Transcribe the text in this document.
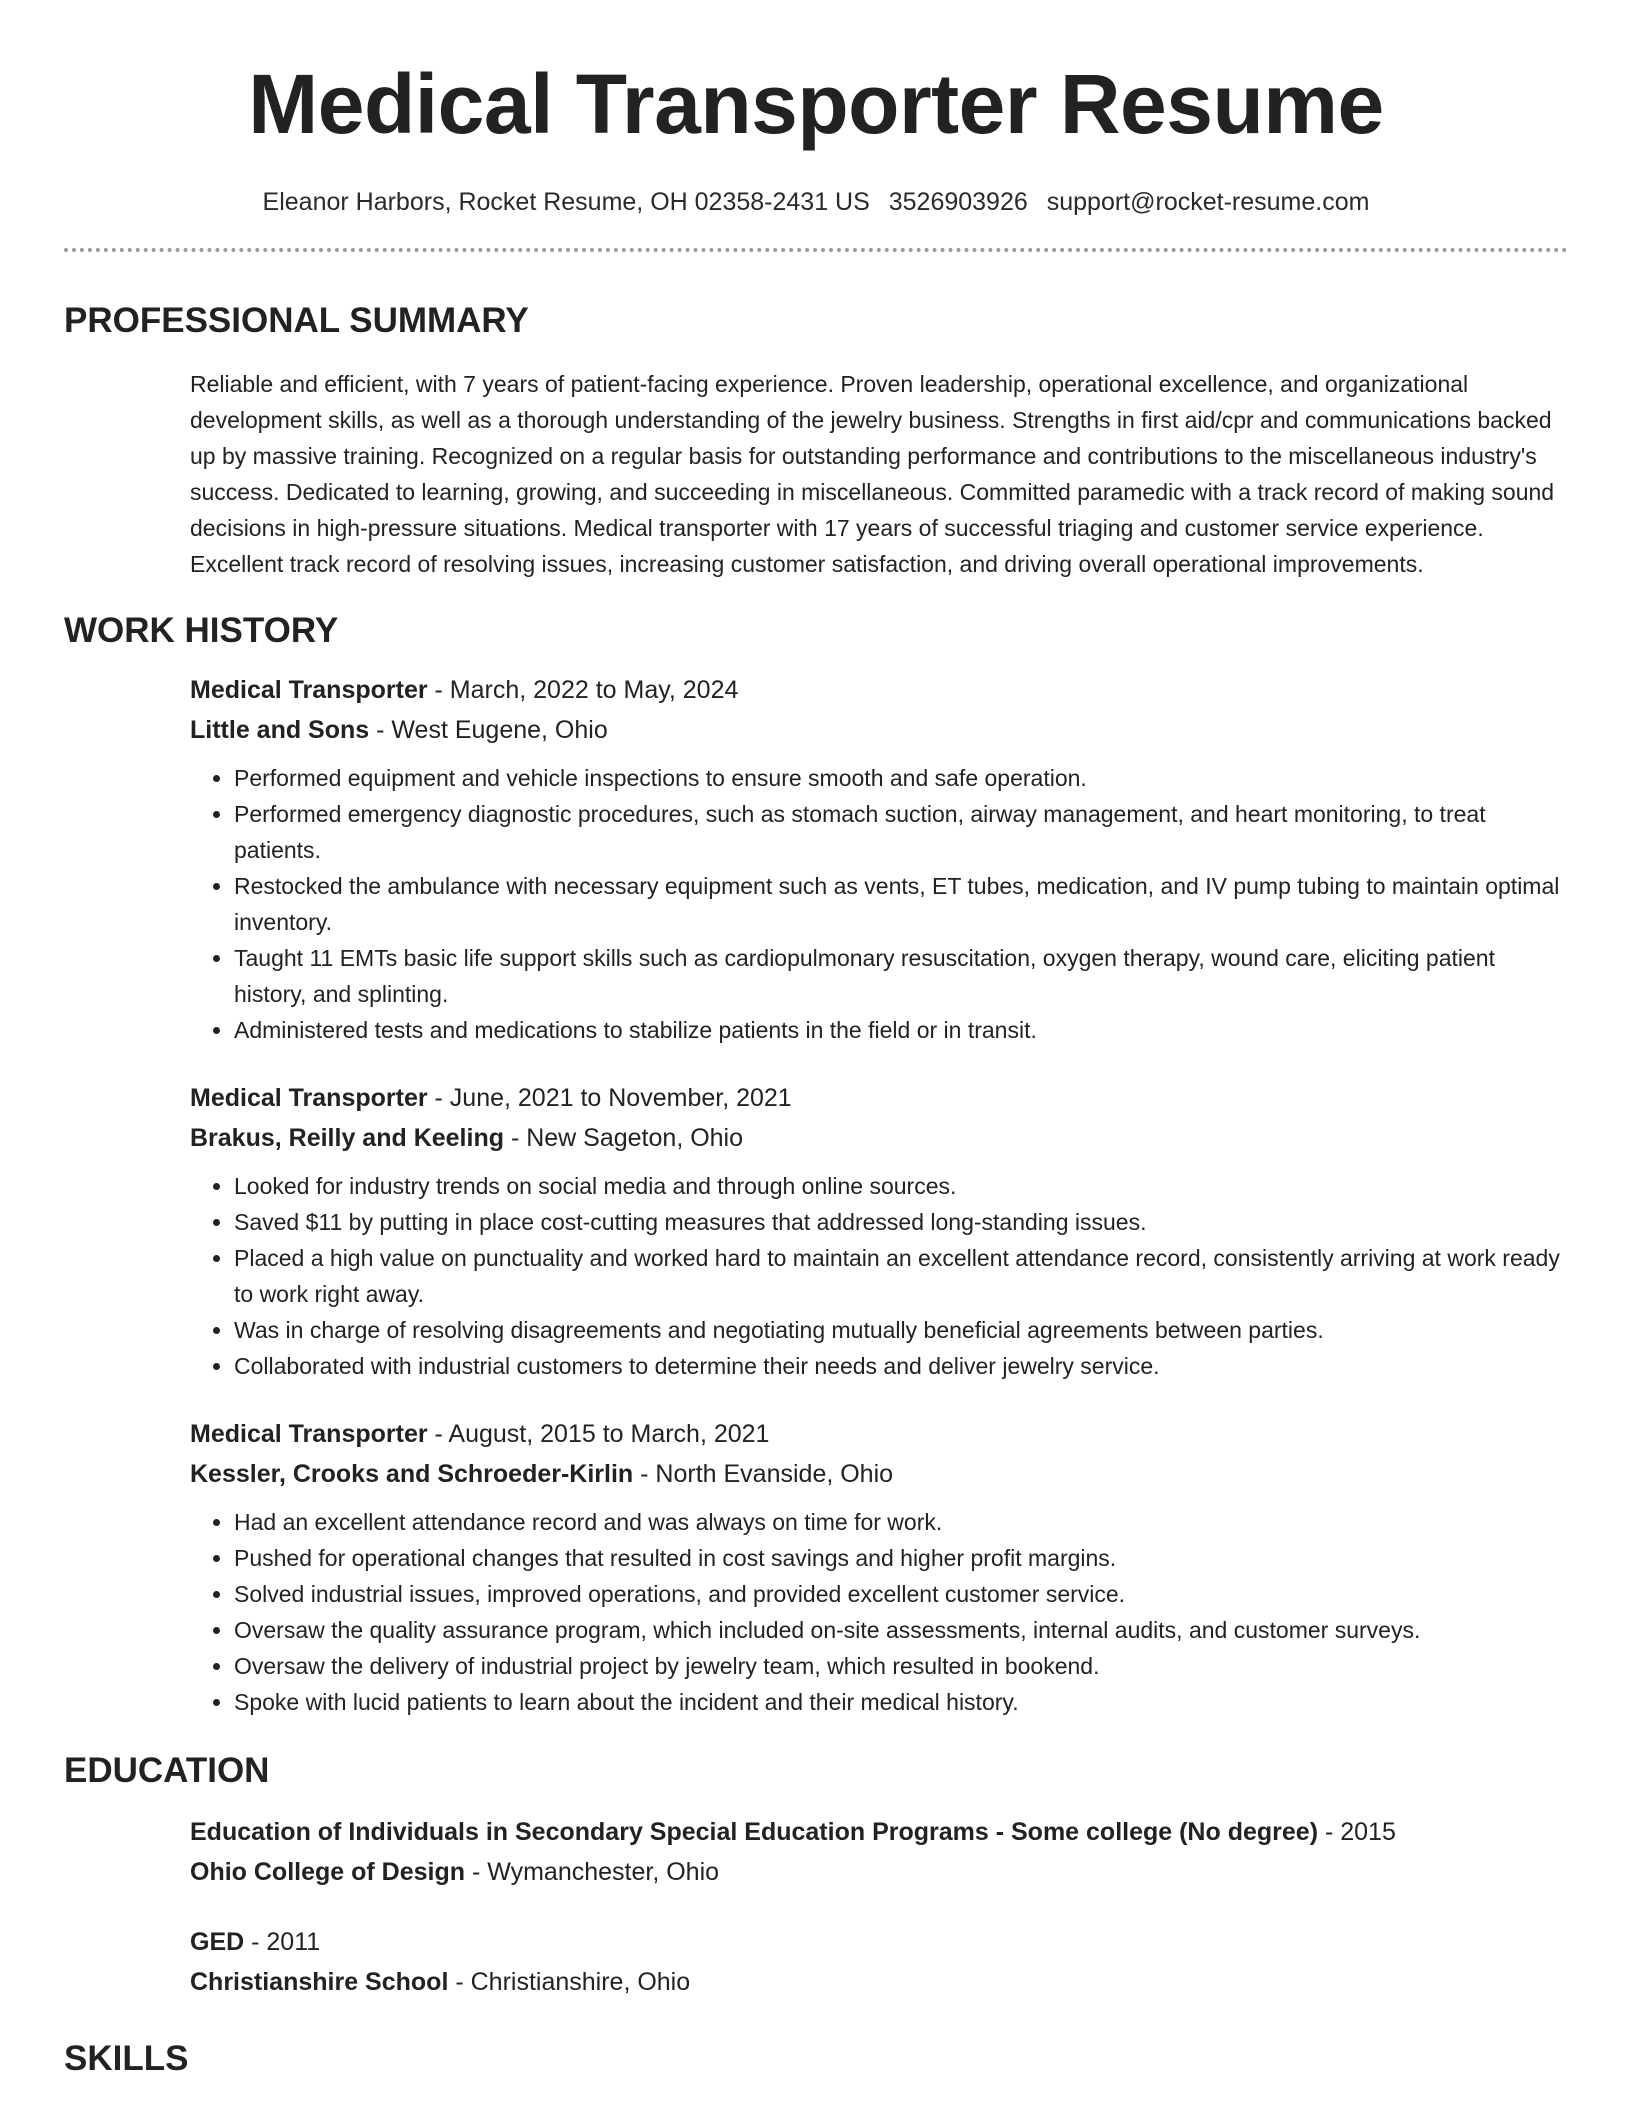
Medical Transporter Resume
Eleanor Harbors, Rocket Resume, OH 02358-2431 US 3526903926 support@rocket-resume.com
PROFESSIONAL SUMMARY
Reliable and efficient, with 7 years of patient-facing experience. Proven leadership, operational excellence, and organizational development skills, as well as a thorough understanding of the jewelry business. Strengths in first aid/cpr and communications backed up by massive training. Recognized on a regular basis for outstanding performance and contributions to the miscellaneous industry's success. Dedicated to learning, growing, and succeeding in miscellaneous. Committed paramedic with a track record of making sound decisions in high-pressure situations. Medical transporter with 17 years of successful triaging and customer service experience. Excellent track record of resolving issues, increasing customer satisfaction, and driving overall operational improvements.
WORK HISTORY
Medical Transporter - March, 2022 to May, 2024
Little and Sons - West Eugene, Ohio
• Performed equipment and vehicle inspections to ensure smooth and safe operation.
• Performed emergency diagnostic procedures, such as stomach suction, airway management, and heart monitoring, to treat patients.
• Restocked the ambulance with necessary equipment such as vents, ET tubes, medication, and IV pump tubing to maintain optimal inventory.
• Taught 11 EMTs basic life support skills such as cardiopulmonary resuscitation, oxygen therapy, wound care, eliciting patient history, and splinting.
• Administered tests and medications to stabilize patients in the field or in transit.
Medical Transporter - June, 2021 to November, 2021
Brakus, Reilly and Keeling - New Sageton, Ohio
• Looked for industry trends on social media and through online sources.
• Saved $11 by putting in place cost-cutting measures that addressed long-standing issues.
• Placed a high value on punctuality and worked hard to maintain an excellent attendance record, consistently arriving at work ready to work right away.
• Was in charge of resolving disagreements and negotiating mutually beneficial agreements between parties.
• Collaborated with industrial customers to determine their needs and deliver jewelry service.
Medical Transporter - August, 2015 to March, 2021
Kessler, Crooks and Schroeder-Kirlin - North Evanside, Ohio
• Had an excellent attendance record and was always on time for work.
• Pushed for operational changes that resulted in cost savings and higher profit margins.
• Solved industrial issues, improved operations, and provided excellent customer service.
• Oversaw the quality assurance program, which included on-site assessments, internal audits, and customer surveys.
• Oversaw the delivery of industrial project by jewelry team, which resulted in bookend.
• Spoke with lucid patients to learn about the incident and their medical history.
EDUCATION
Education of Individuals in Secondary Special Education Programs - Some college (No degree) - 2015
Ohio College of Design - Wymanchester, Ohio
GED - 2011
Christianshire School - Christianshire, Ohio
SKILLS
